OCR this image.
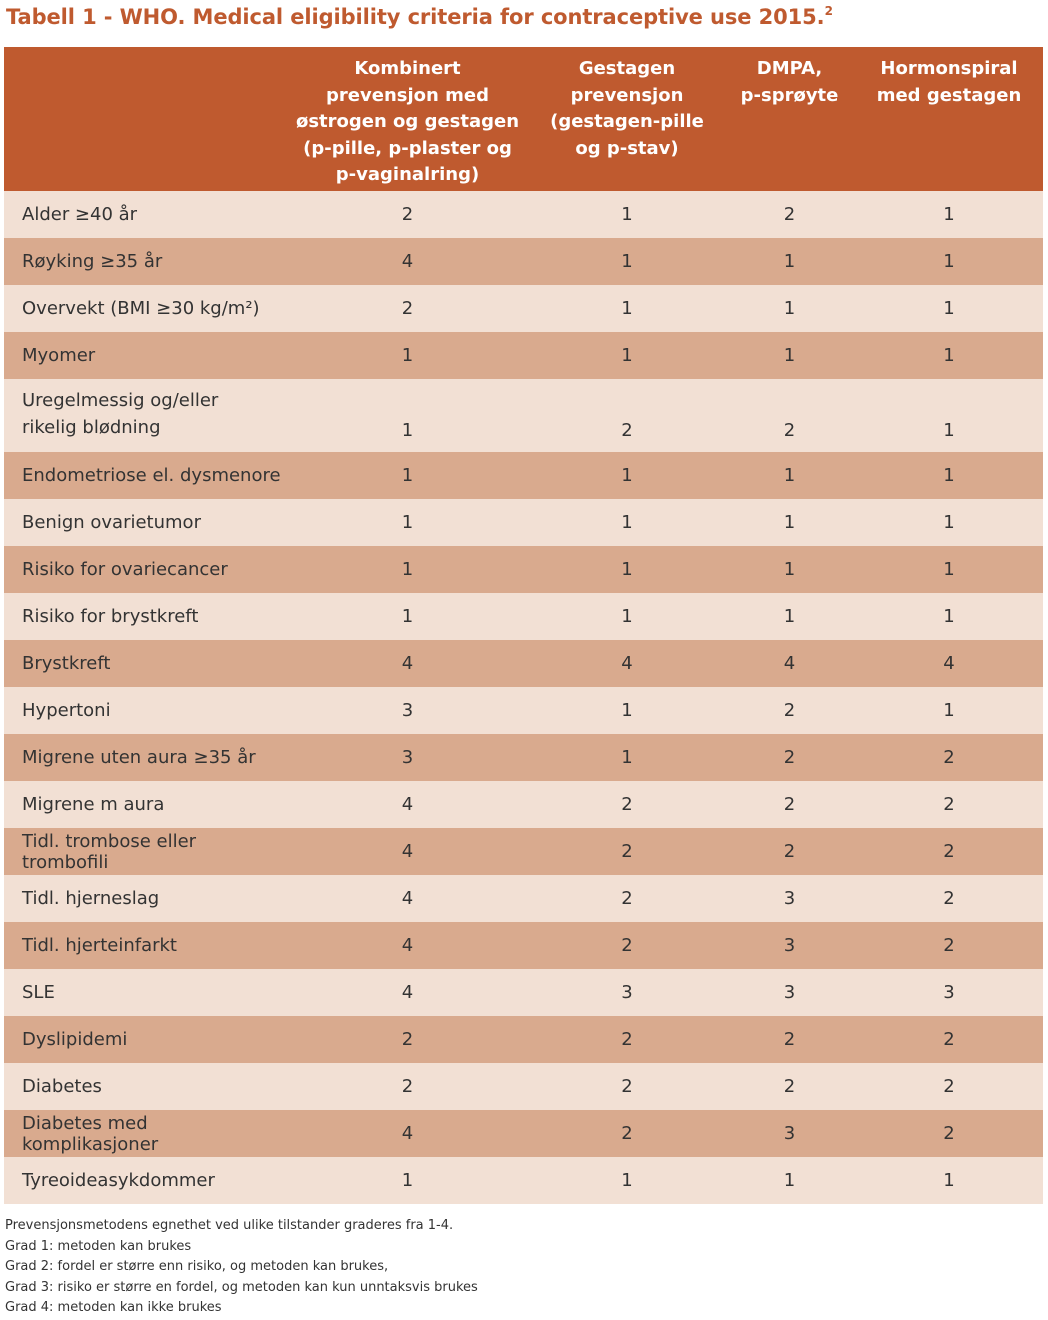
Tabell 1 - WHO. Medical eligibility criteria for contraceptive use 2015.$^2$

	Kombinert
prevensjon med
østrogen og gestagen
(p-pille, p-plaster og
p-vaginalring)	Gestagen
prevensjon
(gestagen-pille
og p-stav)	DMPA,
p-sprøyte	Hormonspiral
med gestagen

Alder ≥40 år	2	1	2	1

Røyking ≥35 år	4	1	1	1

Overvekt (BMI ≥30 kg/m²)	2	1	1	1

Myomer	1	1	1	1

Uregelmessig og/eller
rikelig blødning	1	2	2	1

Endometriose el. dysmenore	1	1	1	1

Benign ovarietumor	1	1	1	1

Risiko for ovariecancer	1	1	1	1

Risiko for brystkreft	1	1	1	1

Brystkreft	4	4	4	4

Hypertoni	3	1	2	1

Migrene uten aura ≥35 år	3	1	2	2

Migrene m aura	4	2	2	2

Tidl. trombose eller trombofili	4	2	2	2

Tidl. hjerneslag	4	2	3	2

Tidl. hjerteinfarkt	4	2	3	2

SLE	4	3	3	3

Dyslipidemi	2	2	2	2

Diabetes	2	2	2	2

Diabetes med komplikasjoner	4	2	3	2

Tyreoideasykdommer	1	1	1	1
Prevensjonsmetodens egnethet ved ulike tilstander graderes fra 1-4.
Grad 1: metoden kan brukes
Grad 2: fordel er større enn risiko, og metoden kan brukes,
Grad 3: risiko er større en fordel, og metoden kan kun unntaksvis brukes
Grad 4: metoden kan ikke brukes
